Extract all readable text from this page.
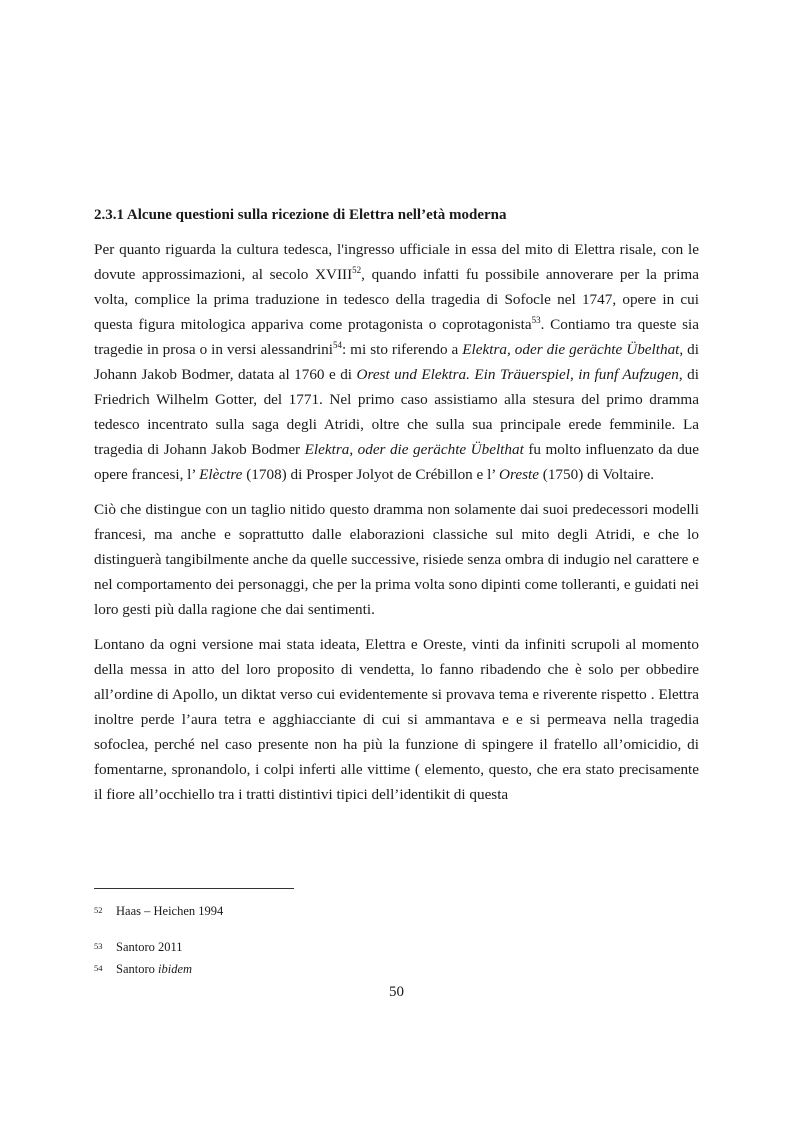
2.3.1 Alcune questioni sulla ricezione di Elettra nell’età moderna

Per quanto riguarda la cultura tedesca, l'ingresso ufficiale in essa del mito di Elettra risale, con le dovute approssimazioni, al secolo XVIII$^{52}$, quando infatti fu possibile annoverare per la prima volta, complice la prima traduzione in tedesco della tragedia di Sofocle nel 1747, opere in cui questa figura mitologica appariva come protagonista o coprotagonista$^{53}$. Contiamo tra queste sia tragedie in prosa o in versi alessandrini$^{54}$: mi sto riferendo a Elektra, oder die gerächte Übelthat, di Johann Jakob Bodmer, datata al 1760 e di Orest und Elektra. Ein Träuerspiel, in funf Aufzugen, di Friedrich Wilhelm Gotter, del 1771. Nel primo caso assistiamo alla stesura del primo dramma tedesco incentrato sulla saga degli Atridi, oltre che sulla sua principale erede femminile. La tragedia di Johann Jakob Bodmer Elektra, oder die gerächte Übelthat fu molto influenzato da due opere francesi, l’ Elèctre (1708) di Prosper Jolyot de Crébillon e l’ Oreste (1750) di Voltaire.

Ciò che distingue con un taglio nitido questo dramma non solamente dai suoi predecessori modelli francesi, ma anche e soprattutto dalle elaborazioni classiche sul mito degli Atridi, e che lo distinguerà tangibilmente anche da quelle successive, risiede senza ombra di indugio nel carattere e nel comportamento dei personaggi, che per la prima volta sono dipinti come tolleranti, e guidati nei loro gesti più dalla ragione che dai sentimenti.

Lontano da ogni versione mai stata ideata, Elettra e Oreste, vinti da infiniti scrupoli al momento della messa in atto del loro proposito di vendetta, lo fanno ribadendo che è solo per obbedire all’ordine di Apollo, un diktat verso cui evidentemente si provava tema e riverente rispetto . Elettra inoltre perde l’aura tetra e agghiacciante di cui si ammantava e e si permeava nella tragedia sofoclea, perché nel caso presente non ha più la funzione di spingere il fratello all’omicidio, di fomentarne, spronandolo, i colpi inferti alle vittime ( elemento, questo, che era stato precisamente il fiore all’occhiello tra i tratti distintivi tipici dell’identikit di questa

52 Haas – Heichen 1994
53 Santoro 2011
54 Santoro ibidem
50
